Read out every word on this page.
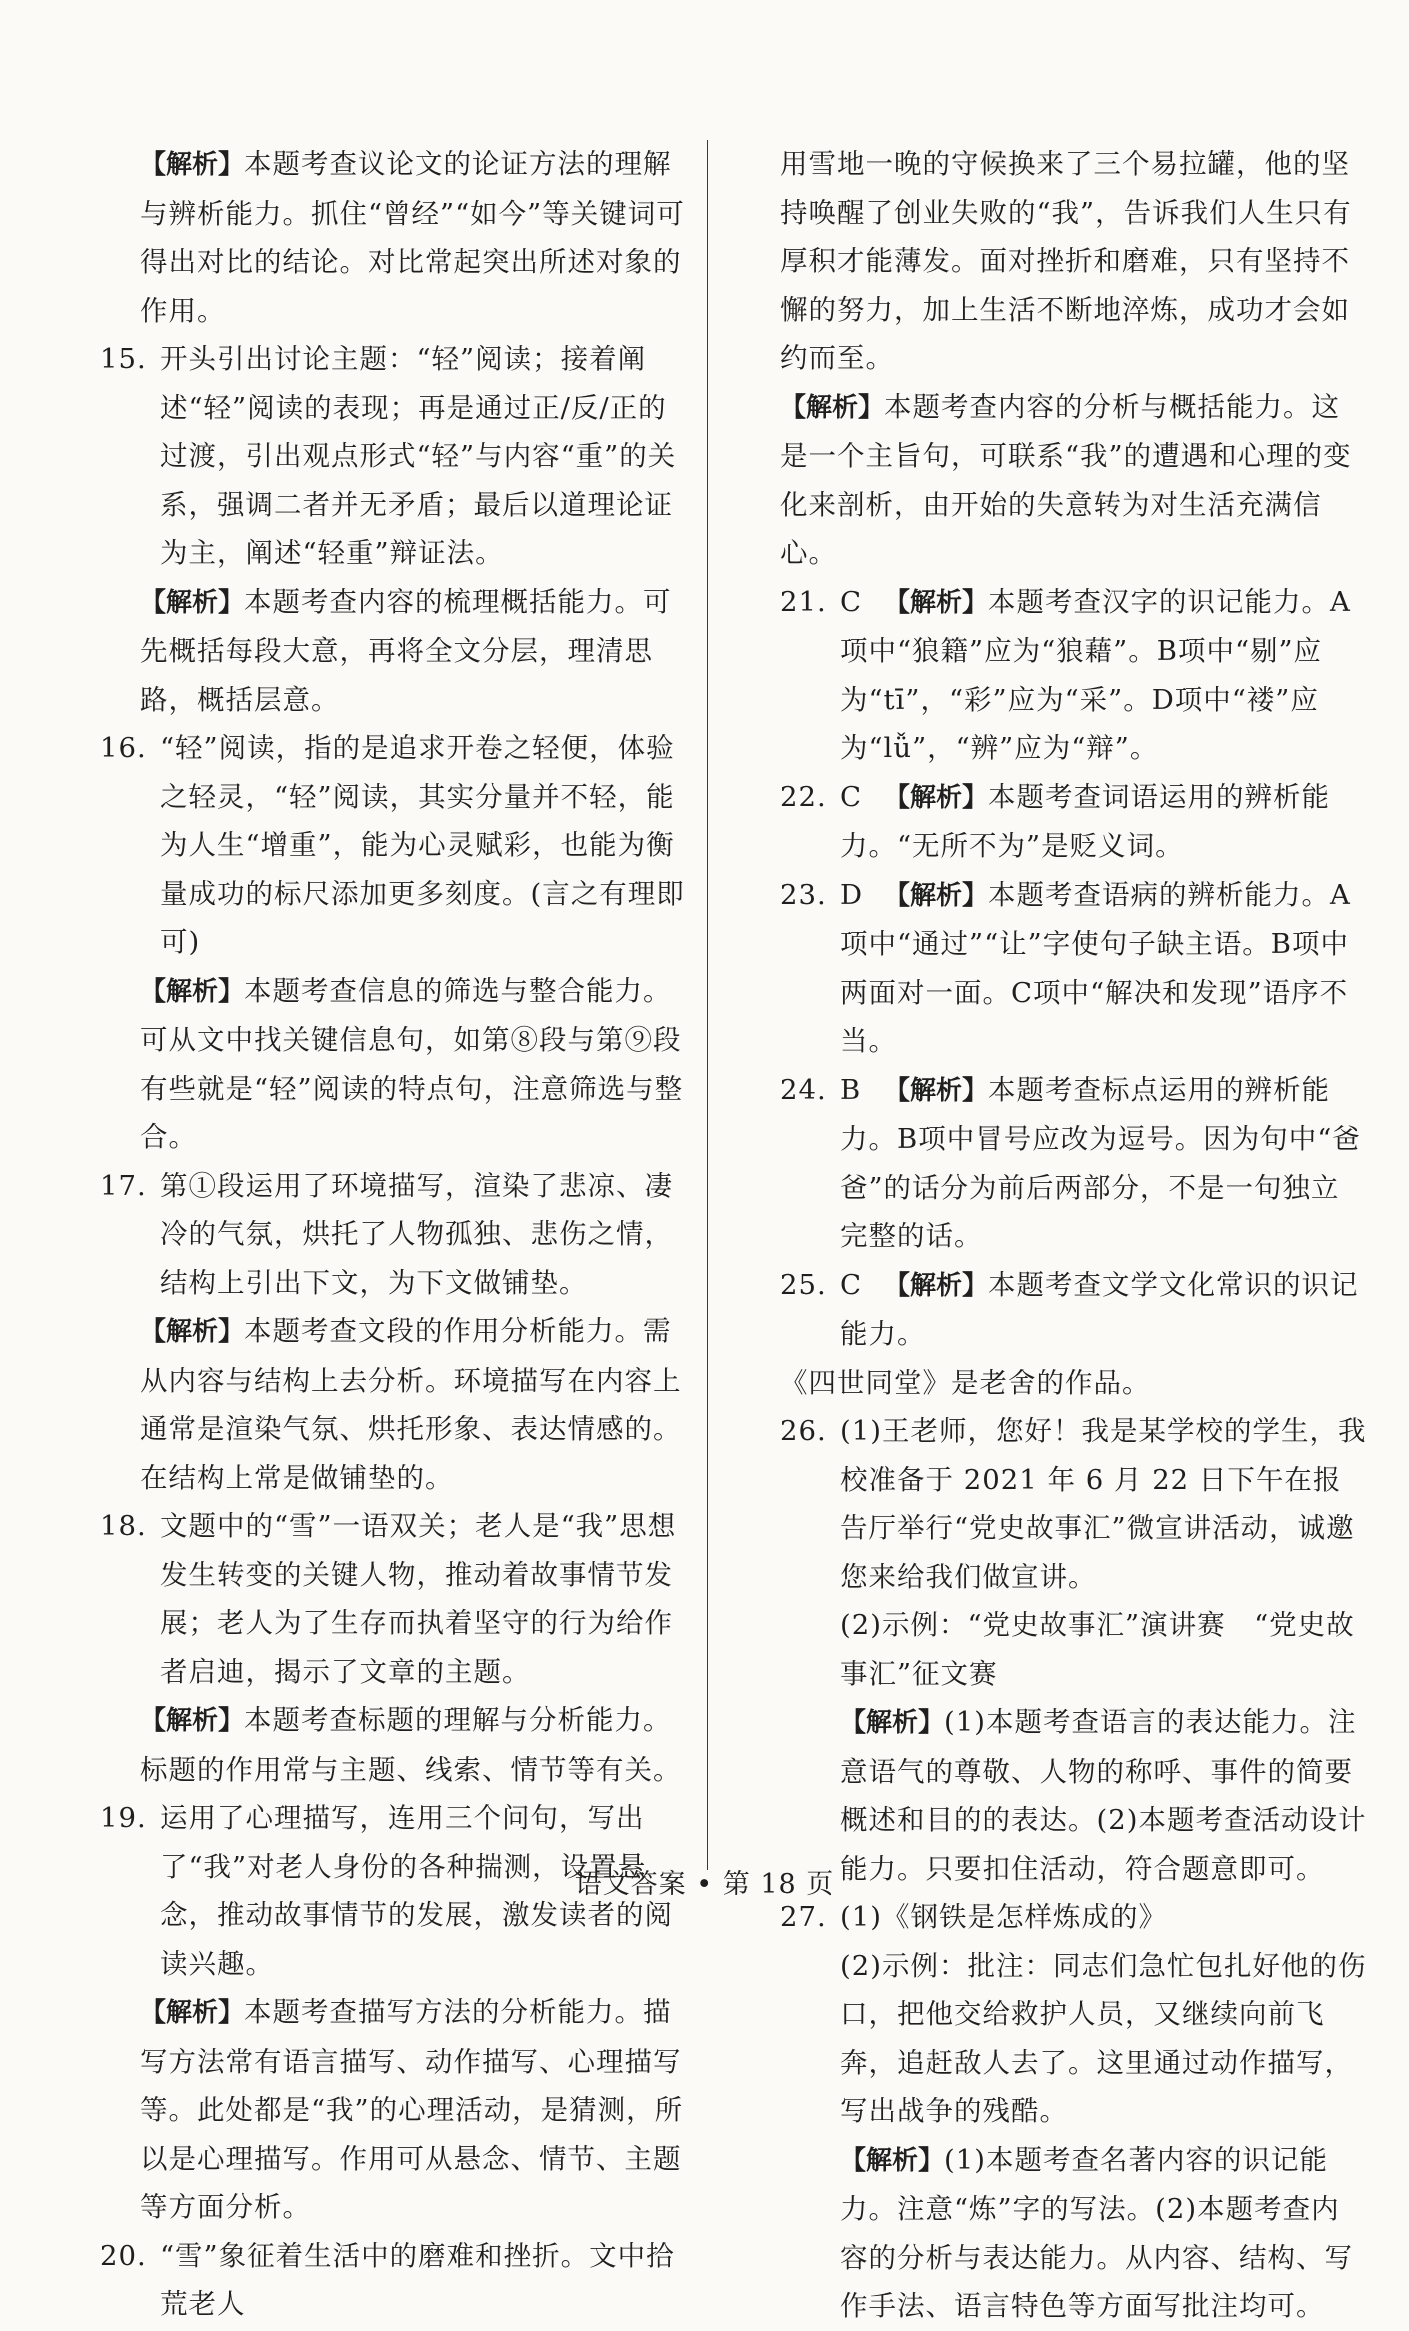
【解析】本题考查议论文的论证方法的理解与辨析能力。抓住“曾经”“如今”等关键词可得出对比的结论。对比常起突出所述对象的作用。

15. 开头引出讨论主题：“轻”阅读；接着阐述“轻”阅读的表现；再是通过正/反/正的过渡，引出观点形式“轻”与内容“重”的关系，强调二者并无矛盾；最后以道理论证为主，阐述“轻重”辩证法。

【解析】本题考查内容的梳理概括能力。可先概括每段大意，再将全文分层，理清思路，概括层意。

16. “轻”阅读，指的是追求开卷之轻便，体验之轻灵，“轻”阅读，其实分量并不轻，能为人生“增重”，能为心灵赋彩，也能为衡量成功的标尺添加更多刻度。(言之有理即可)

【解析】本题考查信息的筛选与整合能力。可从文中找关键信息句，如第⑧段与第⑨段有些就是“轻”阅读的特点句，注意筛选与整合。

17. 第①段运用了环境描写，渲染了悲凉、凄冷的气氛，烘托了人物孤独、悲伤之情，结构上引出下文，为下文做铺垫。

【解析】本题考查文段的作用分析能力。需从内容与结构上去分析。环境描写在内容上通常是渲染气氛、烘托形象、表达情感的。在结构上常是做铺垫的。

18. 文题中的“雪”一语双关；老人是“我”思想发生转变的关键人物，推动着故事情节发展；老人为了生存而执着坚守的行为给作者启迪，揭示了文章的主题。

【解析】本题考查标题的理解与分析能力。标题的作用常与主题、线索、情节等有关。

19. 运用了心理描写，连用三个问句，写出了“我”对老人身份的各种揣测，设置悬念，推动故事情节的发展，激发读者的阅读兴趣。

【解析】本题考查描写方法的分析能力。描写方法常有语言描写、动作描写、心理描写等。此处都是“我”的心理活动，是猜测，所以是心理描写。作用可从悬念、情节、主题等方面分析。

20. “雪”象征着生活中的磨难和挫折。文中拾荒老人

用雪地一晚的守候换来了三个易拉罐，他的坚持唤醒了创业失败的“我”，告诉我们人生只有厚积才能薄发。面对挫折和磨难，只有坚持不懈的努力，加上生活不断地淬炼，成功才会如约而至。

【解析】本题考查内容的分析与概括能力。这是一个主旨句，可联系“我”的遭遇和心理的变化来剖析，由开始的失意转为对生活充满信心。

21. C 【解析】本题考查汉字的识记能力。A项中“狼籍”应为“狼藉”。B项中“剔”应为“tī”，“彩”应为“采”。D项中“褛”应为“lǚ”，“辨”应为“辩”。

22. C 【解析】本题考查词语运用的辨析能力。“无所不为”是贬义词。

23. D 【解析】本题考查语病的辨析能力。A项中“通过”“让”字使句子缺主语。B项中两面对一面。C项中“解决和发现”语序不当。

24. B 【解析】本题考查标点运用的辨析能力。B项中冒号应改为逗号。因为句中“爸爸”的话分为前后两部分，不是一句独立完整的话。

25. C 【解析】本题考查文学文化常识的识记能力。

《四世同堂》是老舍的作品。

26. (1)王老师，您好！我是某学校的学生，我校准备于 2021 年 6 月 22 日下午在报告厅举行“党史故事汇”微宣讲活动，诚邀您来给我们做宣讲。

(2)示例：“党史故事汇”演讲赛　“党史故事汇”征文赛

【解析】(1)本题考查语言的表达能力。注意语气的尊敬、人物的称呼、事件的简要概述和目的的表达。(2)本题考查活动设计能力。只要扣住活动，符合题意即可。

27. (1)《钢铁是怎样炼成的》

(2)示例：批注：同志们急忙包扎好他的伤口，把他交给救护人员，又继续向前飞奔，追赶敌人去了。这里通过动作描写，写出战争的残酷。

【解析】(1)本题考查名著内容的识记能力。注意“炼”字的写法。(2)本题考查内容的分析与表达能力。从内容、结构、写作手法、语言特色等方面写批注均可。

语文答案 • 第 18 页
